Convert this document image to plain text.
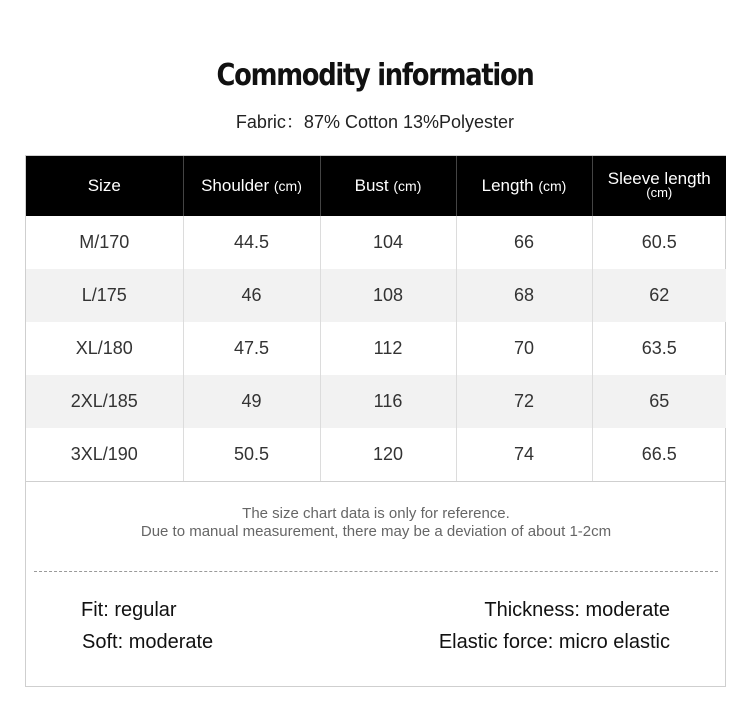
Commodity information
Fabric：87% Cotton 13%Polyester
Size	Shoulder (cm)	Bust (cm)	Length (cm)	Sleeve length
(cm)

M/170	44.5	104	66	60.5
L/175	46	108	68	62
XL/180	47.5	112	70	63.5
2XL/185	49	116	72	65
3XL/190	50.5	120	74	66.5
The size chart data is only for reference.
Due to manual measurement, there may be a deviation of about 1-2cm
Fit: regular	Thickness: moderate
Soft: moderate	Elastic force: micro elastic
